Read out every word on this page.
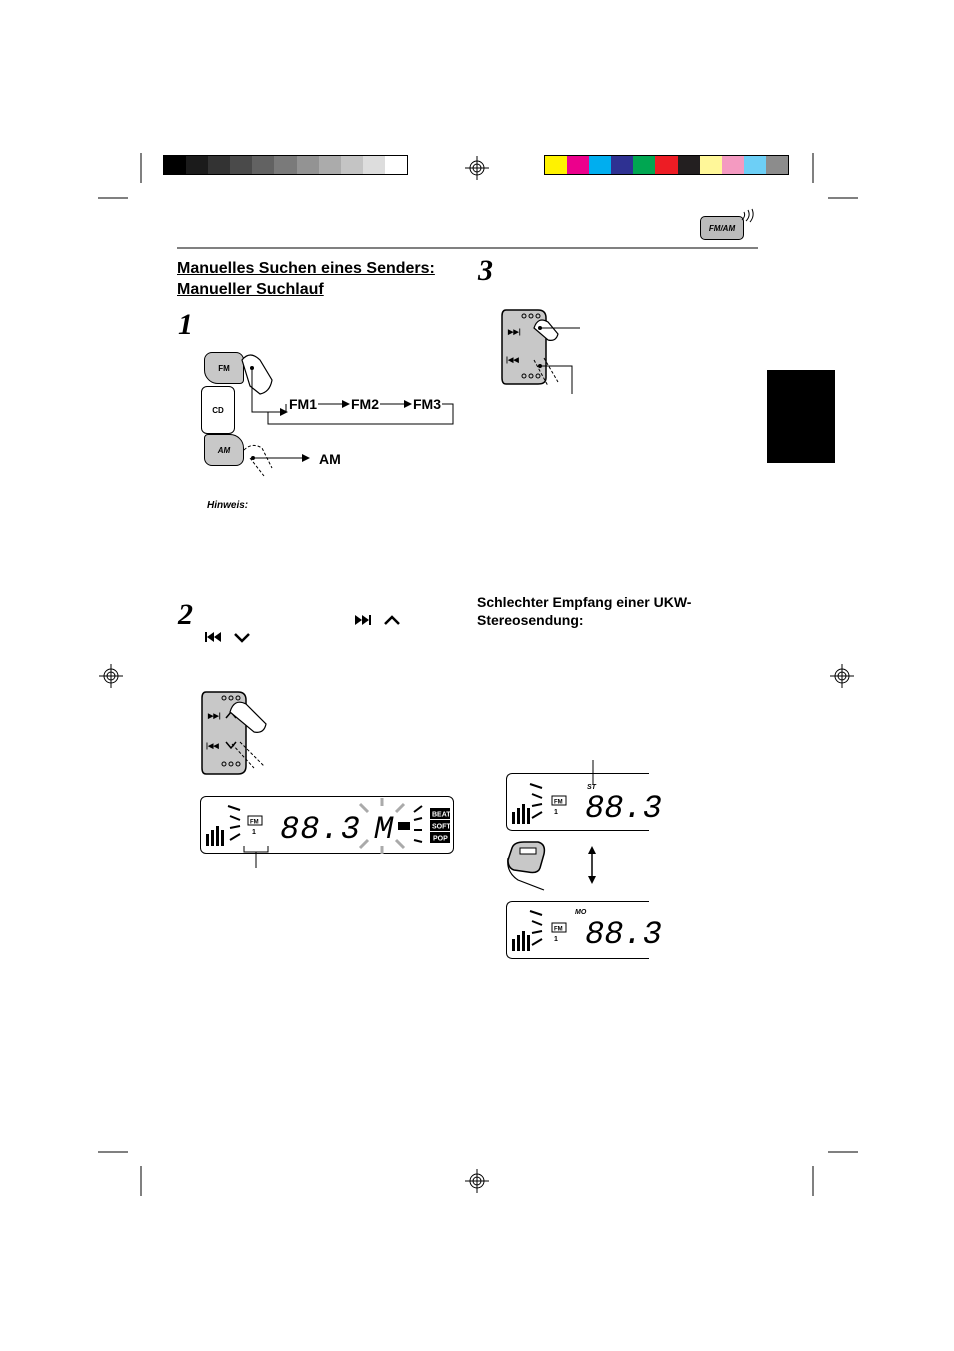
FM/AM
Manuelles Suchen eines Senders:
Manueller Suchlauf
1
2
3
FM
CD
AM
FM1 FM2 FM3
AM
Hinweis:
▶▶|
|◀◀
FM
1
BEAT
SOFT
POP
88.3 M
▶▶|
|◀◀
Schlechter Empfang einer UKW-
Stereosendung:
FM
1
ST
88.3
FM
1
MO
88.3
